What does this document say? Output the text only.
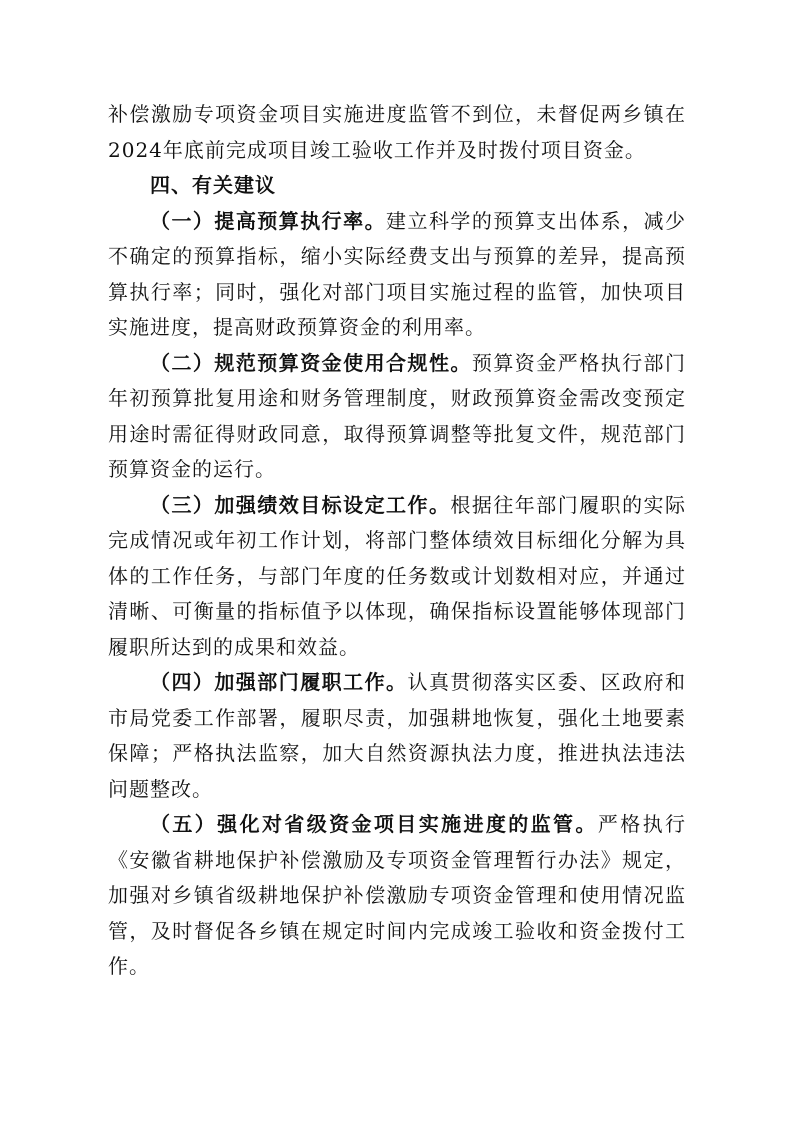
补偿激励专项资金项目实施进度监管不到位，未督促两乡镇在2024年底前完成项目竣工验收工作并及时拨付项目资金。

四、有关建议

（一）提高预算执行率。建立科学的预算支出体系，减少不确定的预算指标，缩小实际经费支出与预算的差异，提高预算执行率；同时，强化对部门项目实施过程的监管，加快项目实施进度，提高财政预算资金的利用率。

（二）规范预算资金使用合规性。预算资金严格执行部门年初预算批复用途和财务管理制度，财政预算资金需改变预定用途时需征得财政同意，取得预算调整等批复文件，规范部门预算资金的运行。

（三）加强绩效目标设定工作。根据往年部门履职的实际完成情况或年初工作计划，将部门整体绩效目标细化分解为具体的工作任务，与部门年度的任务数或计划数相对应，并通过清晰、可衡量的指标值予以体现，确保指标设置能够体现部门履职所达到的成果和效益。

（四）加强部门履职工作。认真贯彻落实区委、区政府和市局党委工作部署，履职尽责，加强耕地恢复，强化土地要素保障；严格执法监察，加大自然资源执法力度，推进执法违法问题整改。

（五）强化对省级资金项目实施进度的监管。严格执行《安徽省耕地保护补偿激励及专项资金管理暂行办法》规定，加强对乡镇省级耕地保护补偿激励专项资金管理和使用情况监管，及时督促各乡镇在规定时间内完成竣工验收和资金拨付工作。
